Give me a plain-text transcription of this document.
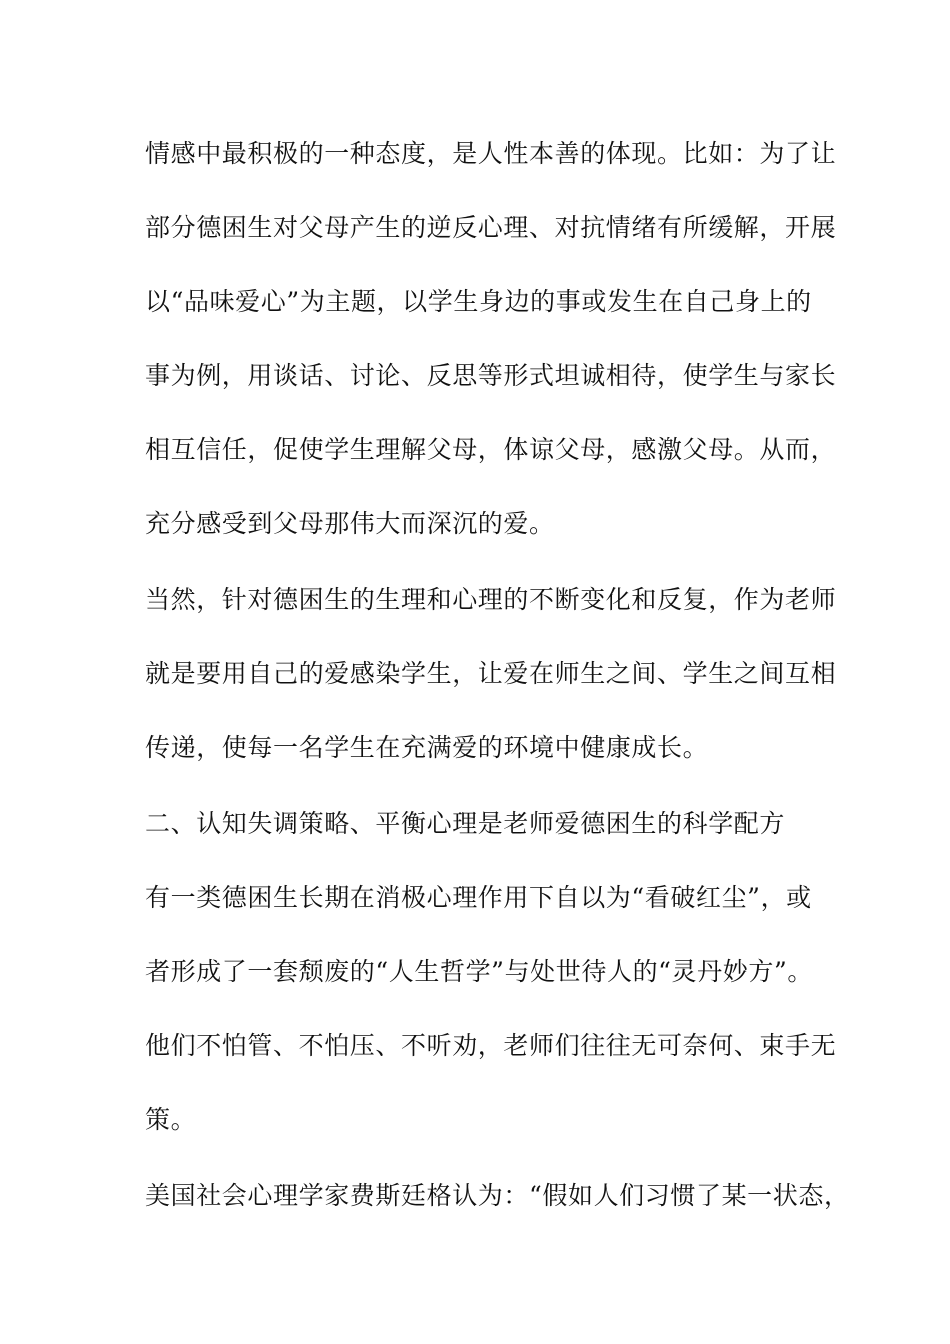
情感中最积极的一种态度，是人性本善的体现。比如：为了让
部分德困生对父母产生的逆反心理、对抗情绪有所缓解，开展
以“品味爱心”为主题，以学生身边的事或发生在自己身上的
事为例，用谈话、讨论、反思等形式坦诚相待，使学生与家长
相互信任，促使学生理解父母，体谅父母，感激父母。从而，
充分感受到父母那伟大而深沉的爱。
当然，针对德困生的生理和心理的不断变化和反复，作为老师
就是要用自己的爱感染学生，让爱在师生之间、学生之间互相
传递，使每一名学生在充满爱的环境中健康成长。
二、认知失调策略、平衡心理是老师爱德困生的科学配方
有一类德困生长期在消极心理作用下自以为“看破红尘”，或
者形成了一套颓废的“人生哲学”与处世待人的“灵丹妙方”。
他们不怕管、不怕压、不听劝，老师们往往无可奈何、束手无
策。
美国社会心理学家费斯廷格认为：“假如人们习惯了某一状态，
